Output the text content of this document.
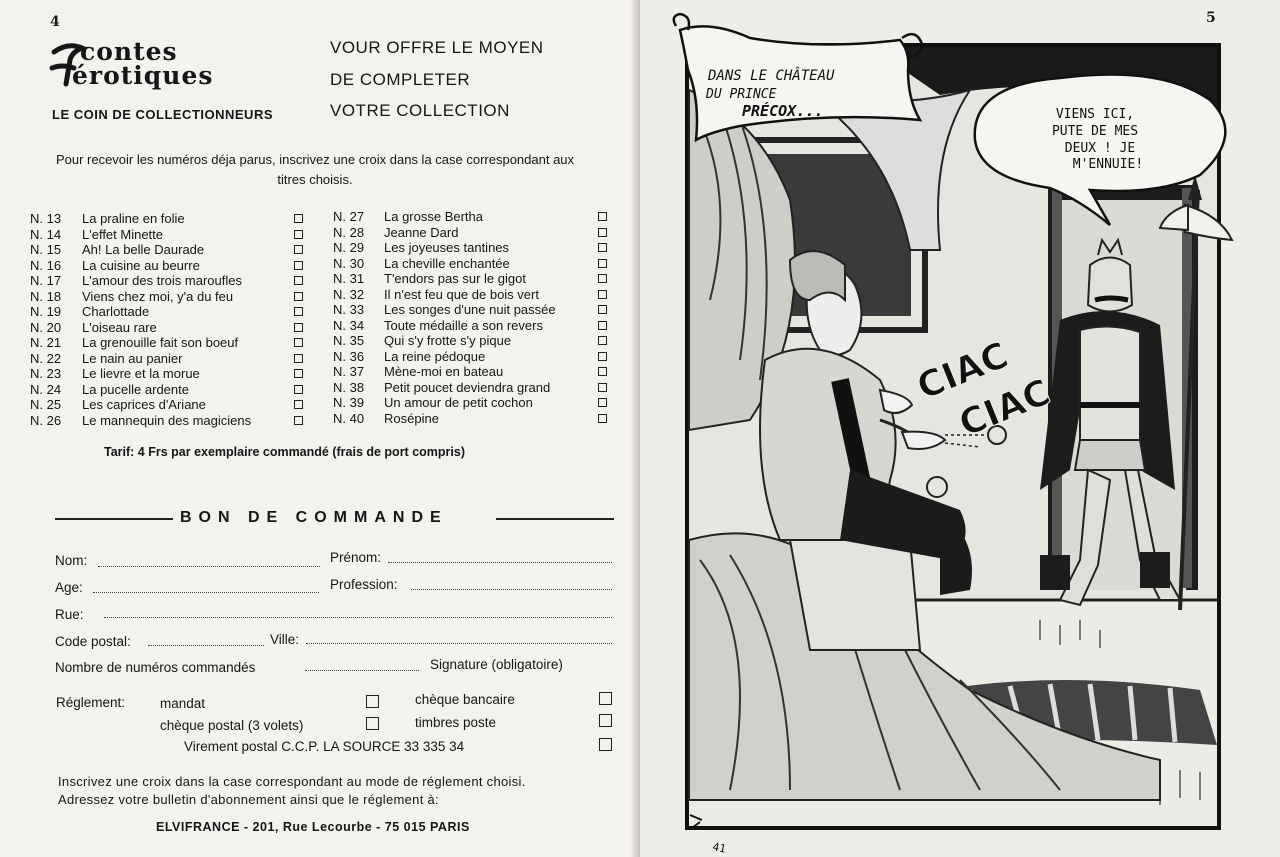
4
contes
érotiques
VOUR OFFRE LE MOYEN
DE COMPLETER
VOTRE COLLECTION
LE COIN DE COLLECTIONNEURS
Pour recevoir les numéros déja parus, inscrivez une croix dans la case correspondant aux titres choisis.
N. 13 La praline en folie
N. 14 L'effet Minette
N. 15 Ah! La belle Daurade
N. 16 La cuisine au beurre
N. 17 L'amour des trois maroufles
N. 18 Viens chez moi, y'a du feu
N. 19 Charlottade
N. 20 L'oiseau rare
N. 21 La grenouille fait son boeuf
N. 22 Le nain au panier
N. 23 Le lievre et la morue
N. 24 La pucelle ardente
N. 25 Les caprices d'Ariane
N. 26 Le mannequin des magiciens
N. 27 La grosse Bertha
N. 28 Jeanne Dard
N. 29 Les joyeuses tantines
N. 30 La cheville enchantée
N. 31 T'endors pas sur le gigot
N. 32 Il n'est feu que de bois vert
N. 33 Les songes d'une nuit passée
N. 34 Toute médaille a son revers
N. 35 Qui s'y frotte s'y pique
N. 36 La reine pédoque
N. 37 Mène-moi en bateau
N. 38 Petit poucet deviendra grand
N. 39 Un amour de petit cochon
N. 40 Rosépine
Tarif: 4 Frs par exemplaire commandé (frais de port compris)
BON DE COMMANDE
Nom:	Prénom:
Age:	Profession:
Rue:
Code postal:	Ville:
Nombre de numéros commandés	Signature (obligatoire)
Réglement:	mandat	chèque bancaire
chèque postal (3 volets)	timbres poste
Virement postal C.C.P. LA SOURCE 33 335 34
Inscrivez une croix dans la case correspondant au mode de réglement choisi.
Adressez votre bulletin d'abonnement ainsi que le réglement à:
ELVIFRANCE - 201, Rue Lecourbe - 75 015 PARIS
5
DANS LE CHÂTEAU
DU PRINCE
PRÉCOX...	VIENS ICI,
PUTE DE MES
DEUX ! JE
M'ENNUIE!
CIAC
CIAC
41
